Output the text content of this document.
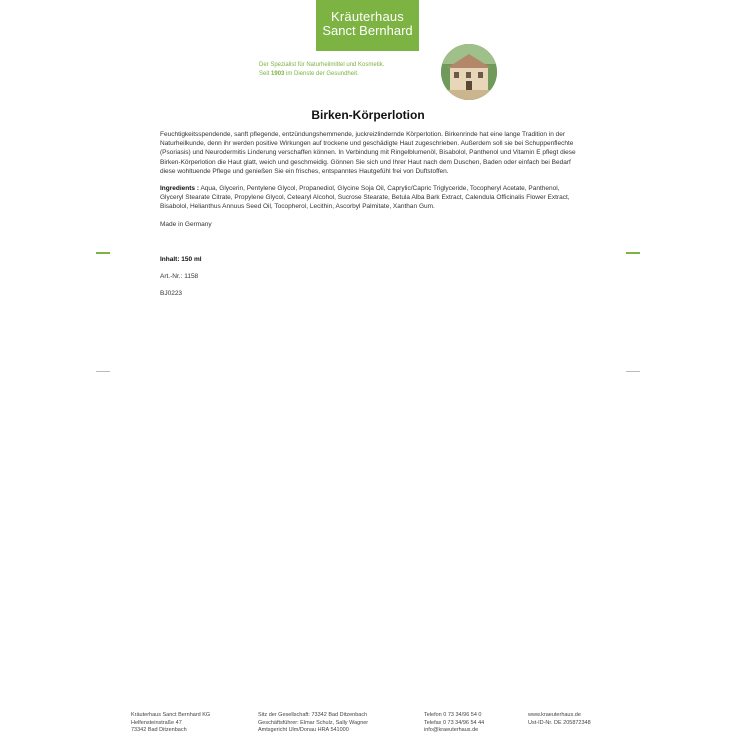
Kräuterhaus
Sanct Bernhard
Der Spezialist für Naturheilmittel und Kosmetik.
Seit 1903 im Dienste der Gesundheit.
Birken-Körperlotion

Feuchtigkeitsspendende, sanft pflegende, entzündungshemmende, juckreizlindernde Körperlotion. Birkenrinde hat eine lange Tradition in der Naturheilkunde, denn ihr werden positive Wirkungen auf trockene und geschädigte Haut zugeschrieben. Außerdem soll sie bei Schuppenflechte (Psoriasis) und Neurodermitis Linderung verschaffen können. In Verbindung mit Ringelblumenöl, Bisabolol, Panthenol und Vitamin E pflegt diese Birken-Körperlotion die Haut glatt, weich und geschmeidig. Gönnen Sie sich und Ihrer Haut nach dem Duschen, Baden oder einfach bei Bedarf diese wohltuende Pflege und genießen Sie ein frisches, entspanntes Hautgefühl frei von Duftstoffen.

Ingredients : Aqua, Glycerin, Pentylene Glycol, Propanediol, Glycine Soja Oil, Caprylic/Capric Triglyceride, Tocopheryl Acetate, Panthenol, Glyceryl Stearate Citrate, Propylene Glycol, Cetearyl Alcohol, Sucrose Stearate, Betula Alba Bark Extract, Calendula Officinalis Flower Extract, Bisabolol, Helianthus Annuus Seed Oil, Tocopherol, Lecithin, Ascorbyl Palmitate, Xanthan Gum.

Made in Germany

Inhalt: 150 ml

Art.-Nr.: 1158

BJ0223

Kräuterhaus Sanct Bernhard KG
Helfensteinstraße 47
73342 Bad Ditzenbach
Sitz der Gesellschaft: 73342 Bad Ditzenbach
Geschäftsführer: Elmar Schulz, Sally Wagner
Amtsgericht Ulm/Donau HRA 541000
Telefon 0 73 34/96 54 0
Telefax 0 73 34/96 54 44
info@kraeuterhaus.de
www.kraeuterhaus.de
Ust-ID-Nr. DE 205872348
